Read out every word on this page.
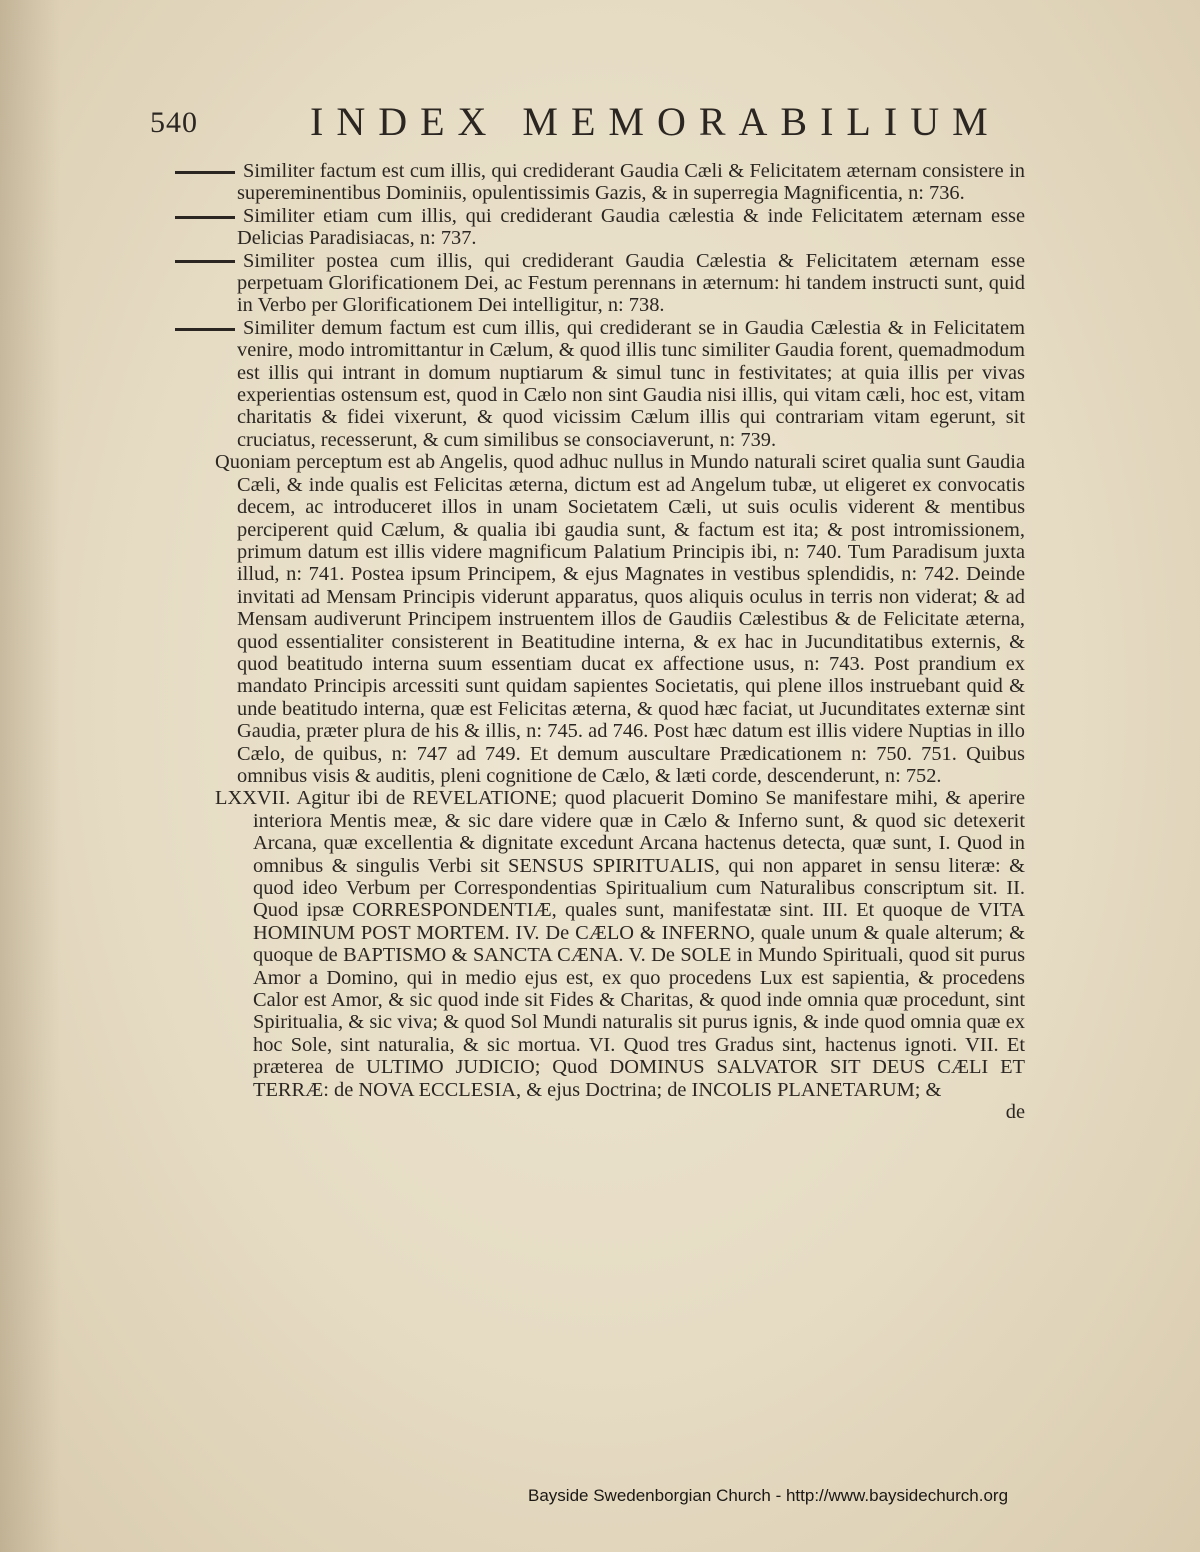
540	INDEX MEMORABILIUM

Similiter factum est cum illis, qui crediderant Gaudia Cæli & Felicitatem æternam consistere in supereminentibus Dominiis, opulentissimis Gazis, & in superregia Magnificentia, n: 736.

Similiter etiam cum illis, qui crediderant Gaudia cælestia & inde Felicitatem æternam esse Delicias Paradisiacas, n: 737.

Similiter postea cum illis, qui crediderant Gaudia Cælestia & Felicitatem æternam esse perpetuam Glorificationem Dei, ac Festum perennans in æternum: hi tandem instructi sunt, quid in Verbo per Glorificationem Dei intelligitur, n: 738.

Similiter demum factum est cum illis, qui crediderant se in Gaudia Cælestia & in Felicitatem venire, modo intromittantur in Cælum, & quod illis tunc similiter Gaudia forent, quemadmodum est illis qui intrant in domum nuptiarum & simul tunc in festivitates; at quia illis per vivas experientias ostensum est, quod in Cælo non sint Gaudia nisi illis, qui vitam cæli, hoc est, vitam charitatis & fidei vixerunt, & quod vicissim Cælum illis qui contrariam vitam egerunt, sit cruciatus, recesserunt, & cum similibus se consociaverunt, n: 739.

Quoniam perceptum est ab Angelis, quod adhuc nullus in Mundo naturali sciret qualia sunt Gaudia Cæli, & inde qualis est Felicitas æterna, dictum est ad Angelum tubæ, ut eligeret ex convocatis decem, ac introduceret illos in unam Societatem Cæli, ut suis oculis viderent & mentibus perciperent quid Cælum, & qualia ibi gaudia sunt, & factum est ita; & post intromissionem, primum datum est illis videre magnificum Palatium Principis ibi, n: 740. Tum Paradisum juxta illud, n: 741. Postea ipsum Principem, & ejus Magnates in vestibus splendidis, n: 742. Deinde invitati ad Mensam Principis viderunt apparatus, quos aliquis oculus in terris non viderat; & ad Mensam audiverunt Principem instruentem illos de Gaudiis Cælestibus & de Felicitate æterna, quod essentialiter consisterent in Beatitudine interna, & ex hac in Jucunditatibus externis, & quod beatitudo interna suum essentiam ducat ex affectione usus, n: 743. Post prandium ex mandato Principis arcessiti sunt quidam sapientes Societatis, qui plene illos instruebant quid & unde beatitudo interna, quæ est Felicitas æterna, & quod hæc faciat, ut Jucunditates externæ sint Gaudia, præter plura de his & illis, n: 745. ad 746. Post hæc datum est illis videre Nuptias in illo Cælo, de quibus, n: 747 ad 749. Et demum auscultare Prædicationem n: 750. 751. Quibus omnibus visis & auditis, pleni cognitione de Cælo, & læti corde, descenderunt, n: 752.

LXXVII. Agitur ibi de REVELATIONE; quod placuerit Domino Se manifestare mihi, & aperire interiora Mentis meæ, & sic dare videre quæ in Cælo & Inferno sunt, & quod sic detexerit Arcana, quæ excellentia & dignitate excedunt Arcana hactenus detecta, quæ sunt, I. Quod in omnibus & singulis Verbi sit SENSUS SPIRITUALIS, qui non apparet in sensu literæ: & quod ideo Verbum per Correspondentias Spiritualium cum Naturalibus conscriptum sit. II. Quod ipsæ CORRESPONDENTIÆ, quales sunt, manifestatæ sint. III. Et quoque de VITA HOMINUM POST MORTEM. IV. De CÆLO & INFERNO, quale unum & quale alterum; & quoque de BAPTISMO & SANCTA CÆNA. V. De SOLE in Mundo Spirituali, quod sit purus Amor a Domino, qui in medio ejus est, ex quo procedens Lux est sapientia, & procedens Calor est Amor, & sic quod inde sit Fides & Charitas, & quod inde omnia quæ procedunt, sint Spiritualia, & sic viva; & quod Sol Mundi naturalis sit purus ignis, & inde quod omnia quæ ex hoc Sole, sint naturalia, & sic mortua. VI. Quod tres Gradus sint, hactenus ignoti. VII. Et præterea de ULTIMO JUDICIO; Quod DOMINUS SALVATOR SIT DEUS CÆLI ET TERRÆ: de NOVA ECCLESIA, & ejus Doctrina; de INCOLIS PLANETARUM; &

de
Bayside Swedenborgian Church - http://www.baysidechurch.org
